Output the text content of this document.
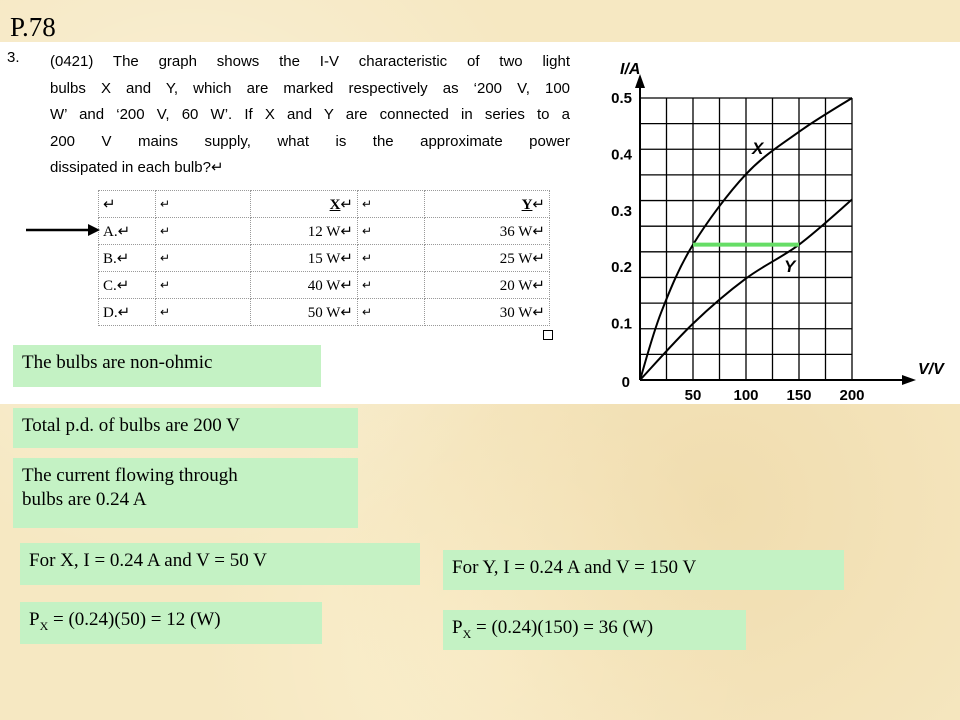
P.78
3. (0421) The graph shows the I-V characteristic of two light
bulbs X and Y, which are marked respectively as ‘200 V, 100
W’ and ‘200 V, 60 W’. If X and Y are connected in series to a
200 V mains supply, what is the approximate power
dissipated in each bulb?↵
↵	↵	X↵	↵	Y↵
A.↵	↵	12 W↵	↵	36 W↵
B.↵	↵	15 W↵	↵	25 W↵
C.↵	↵	40 W↵	↵	20 W↵
D.↵	↵	50 W↵	↵	30 W↵
I/A
V/V
X
Y
0.5
0.4
0.3
0.2
0.1
0
50 100 150 200
The bulbs are non-ohmic
Total p.d. of bulbs are 200 V
The current flowing through
bulbs are 0.24 A
For X, I = 0.24 A and V = 50 V	For Y, I = 0.24 A and V = 150 V
$P_X = (0.24)(50) = 12$ (W)	$P_X = (0.24)(150) = 36$ (W)
